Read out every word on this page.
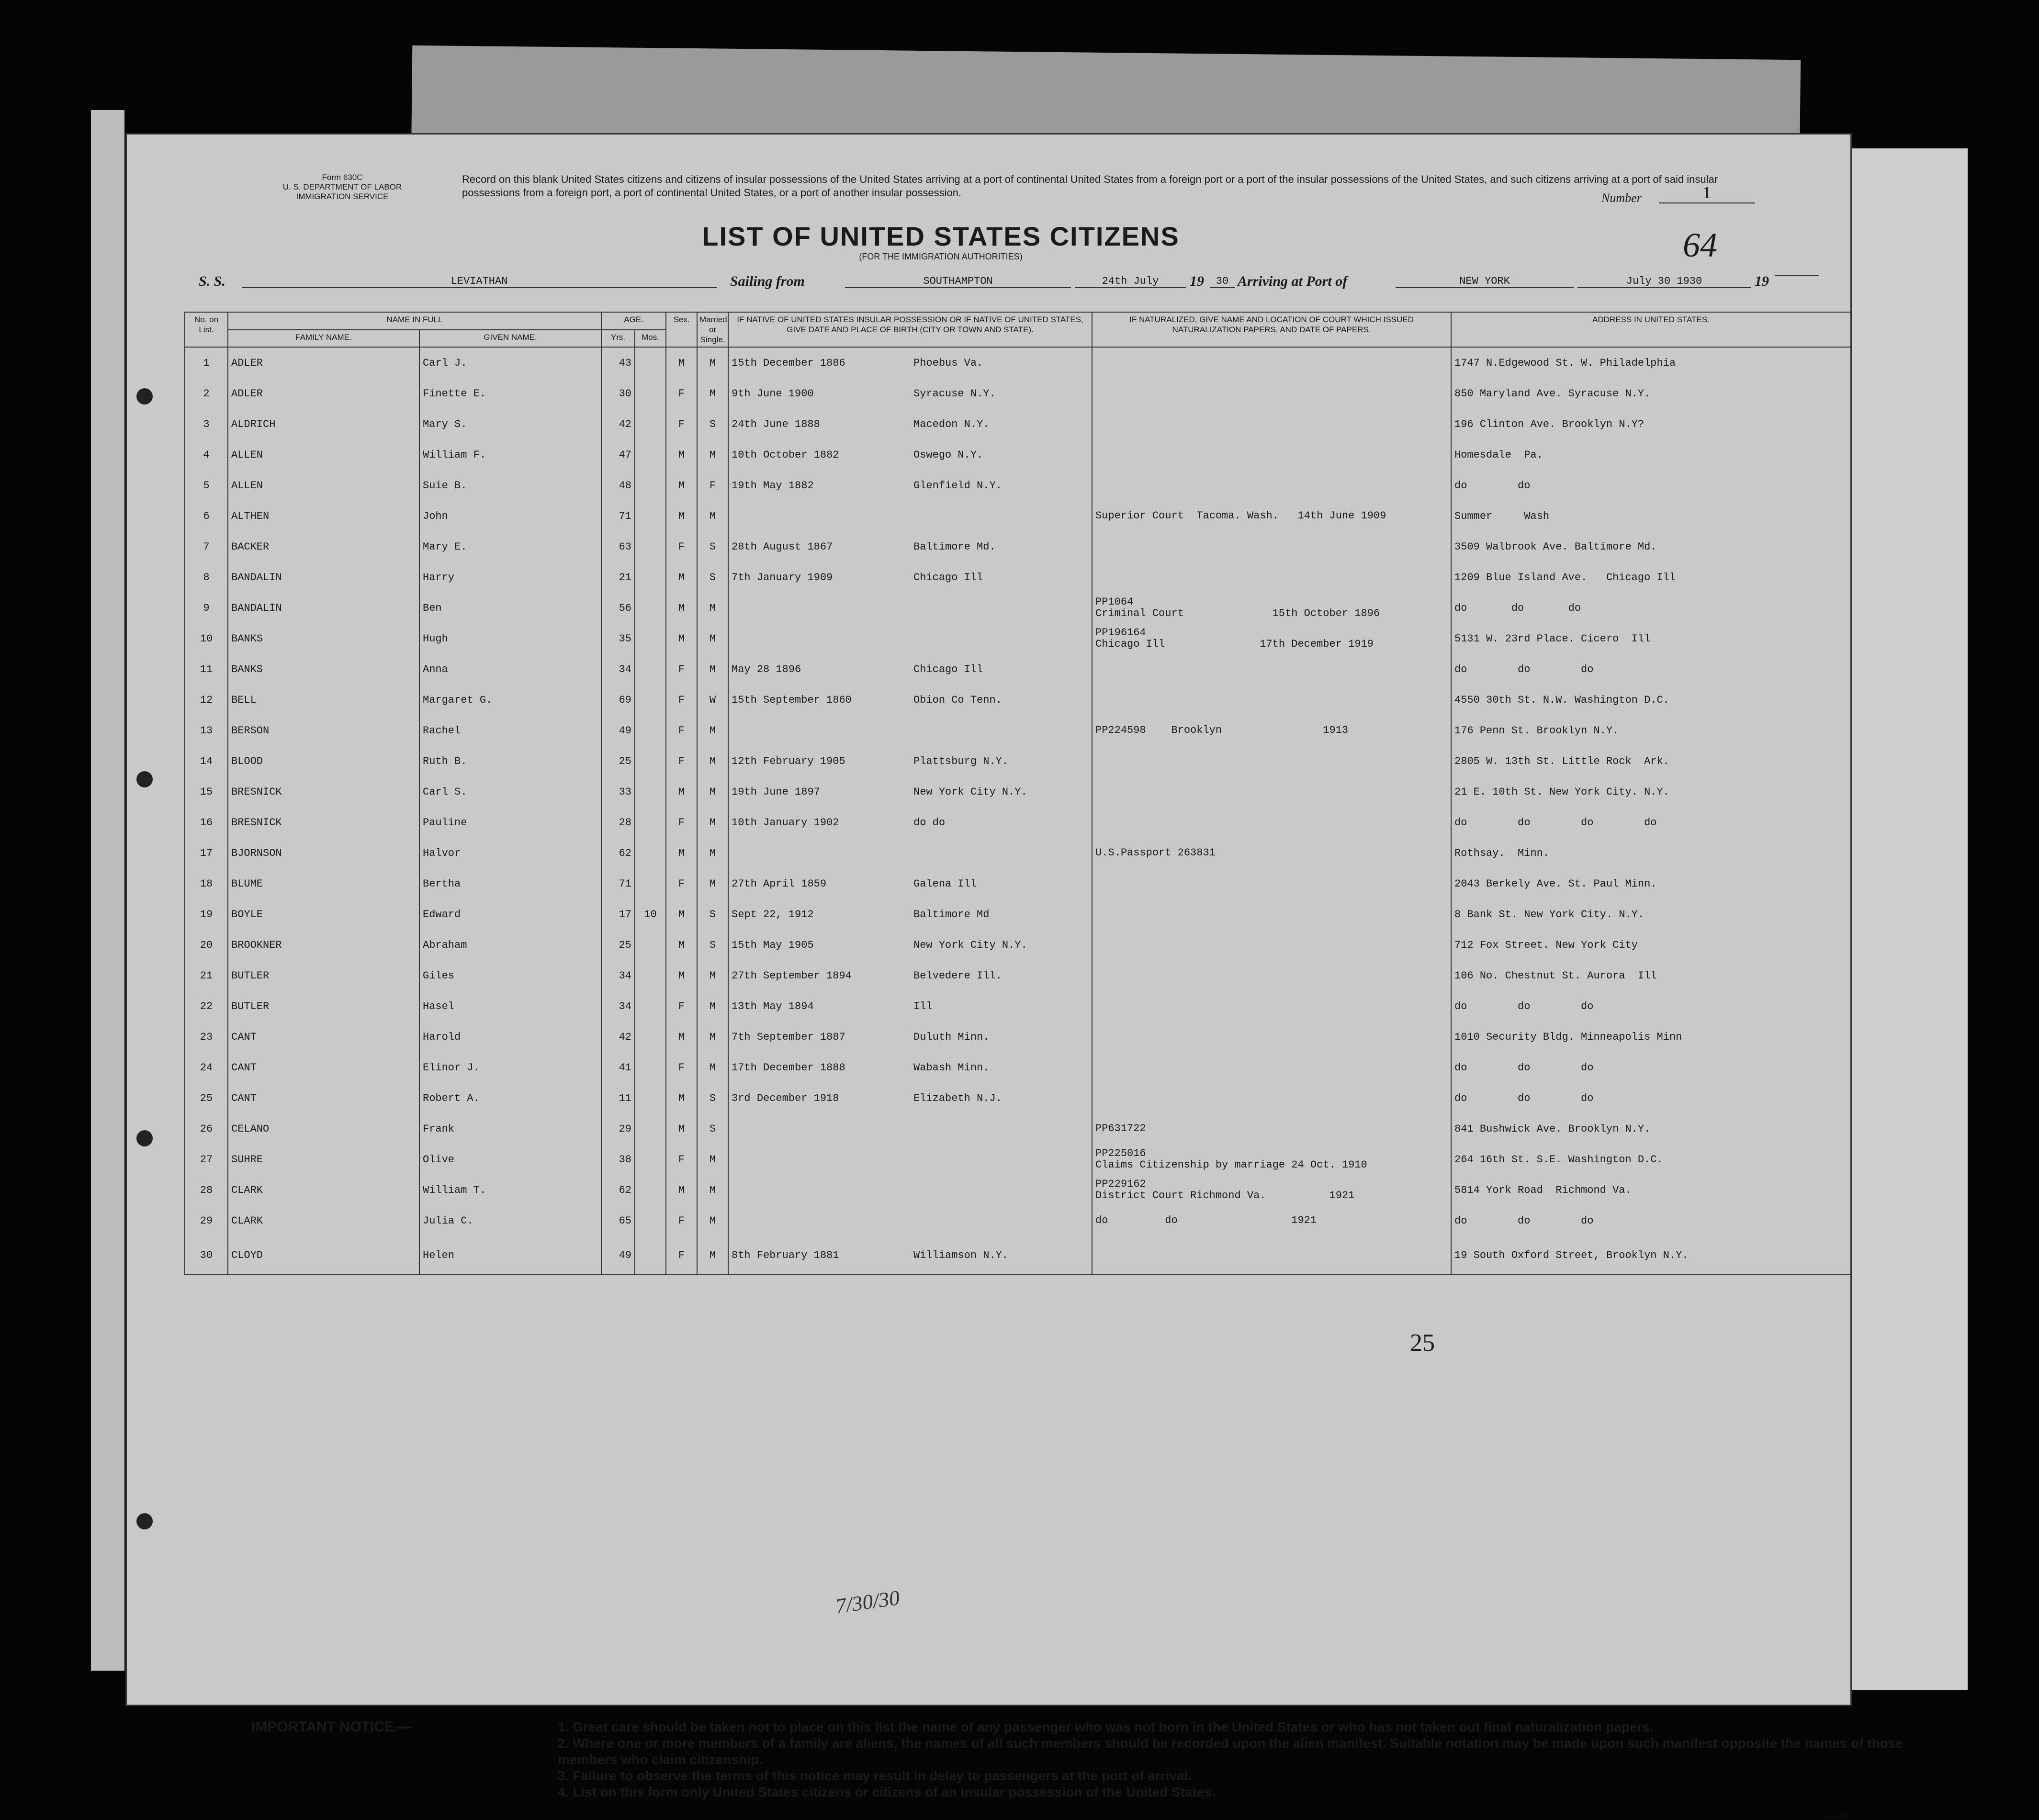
Form 630C
U. S. DEPARTMENT OF LABOR
IMMIGRATION SERVICE
Record on this blank United States citizens and citizens of insular possessions of the United States arriving at a port of continental United States from a foreign port or a port of the insular possessions of the United States, and such citizens arriving at a port of said insular possessions from a foreign port, a port of continental United States, or a port of another insular possession.	Number	1
LIST OF UNITED STATES CITIZENS
(FOR THE IMMIGRATION AUTHORITIES)	64
S. S.	LEVIATHAN	Sailing from	SOUTHAMPTON	24th July	19	30 Arriving at Port of	NEW YORK	July 30 1930	19
No. on List.	NAME IN FULL		AGE.		Sex.	Married or Single.	IF NATIVE OF UNITED STATES INSULAR POSSESSION OR IF NATIVE OF UNITED STATES, GIVE DATE AND PLACE OF BIRTH (CITY OR TOWN AND STATE).	IF NATURALIZED, GIVE NAME AND LOCATION OF COURT WHICH ISSUED NATURALIZATION PAPERS, AND DATE OF PAPERS.	ADDRESS IN UNITED STATES.
	FAMILY NAME.	GIVEN NAME.	Yrs.	Mos.					
1	ADLER	Carl J.	43		M	M	15th December 1886 Phoebus Va.		1747 N.Edgewood St. W. Philadelphia
2	ADLER	Finette E.	30		F	M	9th June 1900 Syracuse N.Y.		850 Maryland Ave. Syracuse N.Y.
3	ALDRICH	Mary S.	42		F	S	24th June 1888 Macedon N.Y.		196 Clinton Ave. Brooklyn N.Y?
4	ALLEN	William F.	47		M	M	10th October 1882 Oswego N.Y.		Homesdale  Pa.
5	ALLEN	Suie B.	48		M	F	19th May 1882 Glenfield N.Y.		do        do
6	ALTHEN	John	71		M	M		Superior Court  Tacoma. Wash.   14th June 1909	Summer     Wash
7	BACKER	Mary E.	63		F	S	28th August 1867 Baltimore Md.		3509 Walbrook Ave. Baltimore Md.
8	BANDALIN	Harry	21		M	S	7th January 1909 Chicago Ill		1209 Blue Island Ave.   Chicago Ill
9	BANDALIN	Ben	56		M	M		PP1064
Criminal Court              15th October 1896	do       do       do
10	BANKS	Hugh	35		M	M		PP196164
Chicago Ill               17th December 1919	5131 W. 23rd Place. Cicero  Ill
11	BANKS	Anna	34		F	M	May 28 1896 Chicago Ill		do        do        do
12	BELL	Margaret G.	69		F	W	15th September 1860 Obion Co Tenn.		4550 30th St. N.W. Washington D.C.
13	BERSON	Rachel	49		F	M		PP224598    Brooklyn                1913	176 Penn St. Brooklyn N.Y.
14	BLOOD	Ruth B.	25		F	M	12th February 1905 Plattsburg N.Y.		2805 W. 13th St. Little Rock  Ark.
15	BRESNICK	Carl S.	33		M	M	19th June 1897 New York City N.Y.		21 E. 10th St. New York City. N.Y.
16	BRESNICK	Pauline	28		F	M	10th January 1902 do do		do        do        do        do
17	BJORNSON	Halvor	62		M	M		U.S.Passport 263831	Rothsay.  Minn.
18	BLUME	Bertha	71		F	M	27th April 1859 Galena Ill		2043 Berkely Ave. St. Paul Minn.
19	BOYLE	Edward	17	10	M	S	Sept 22, 1912 Baltimore Md		8 Bank St. New York City. N.Y.
20	BROOKNER	Abraham	25		M	S	15th May 1905 New York City N.Y.		712 Fox Street. New York City
21	BUTLER	Giles	34		M	M	27th September 1894 Belvedere Ill.		106 No. Chestnut St. Aurora  Ill
22	BUTLER	Hasel	34		F	M	13th May 1894 Ill		do        do        do
23	CANT	Harold	42		M	M	7th September 1887 Duluth Minn.		1010 Security Bldg. Minneapolis Minn
24	CANT	Elinor J.	41		F	M	17th December 1888 Wabash Minn.		do        do        do
25	CANT	Robert A.	11		M	S	3rd December 1918 Elizabeth N.J.		do        do        do
26	CELANO	Frank	29		M	S		PP631722	841 Bushwick Ave. Brooklyn N.Y.
27	SUHRE	Olive	38		F	M		PP225016
Claims Citizenship by marriage 24 Oct. 1910	264 16th St. S.E. Washington D.C.
28	CLARK	William T.	62		M	M		PP229162
District Court Richmond Va.          1921	5814 York Road  Richmond Va.
29	CLARK	Julia C.	65		F	M		do         do                  1921	do        do        do
30	CLOYD	Helen	49		F	M	8th February 1881 Williamson N.Y.		19 South Oxford Street, Brooklyn N.Y.
25
7/30/30
IMPORTANT NOTICE.—	1. Great care should be taken not to place on this list the name of any passenger who was not born in the United States or who has not taken out final naturalization papers.
2. Where one or more members of a family are aliens, the names of all such members should be recorded upon the alien manifest. Suitable notation may be made upon such manifest opposite the names of those members who claim citizenship.
3. Failure to observe the terms of this notice may result in delay to passengers at the port of arrival.
4. List on this form only United States citizens or citizens of an insular possession of the United States.
14—608
